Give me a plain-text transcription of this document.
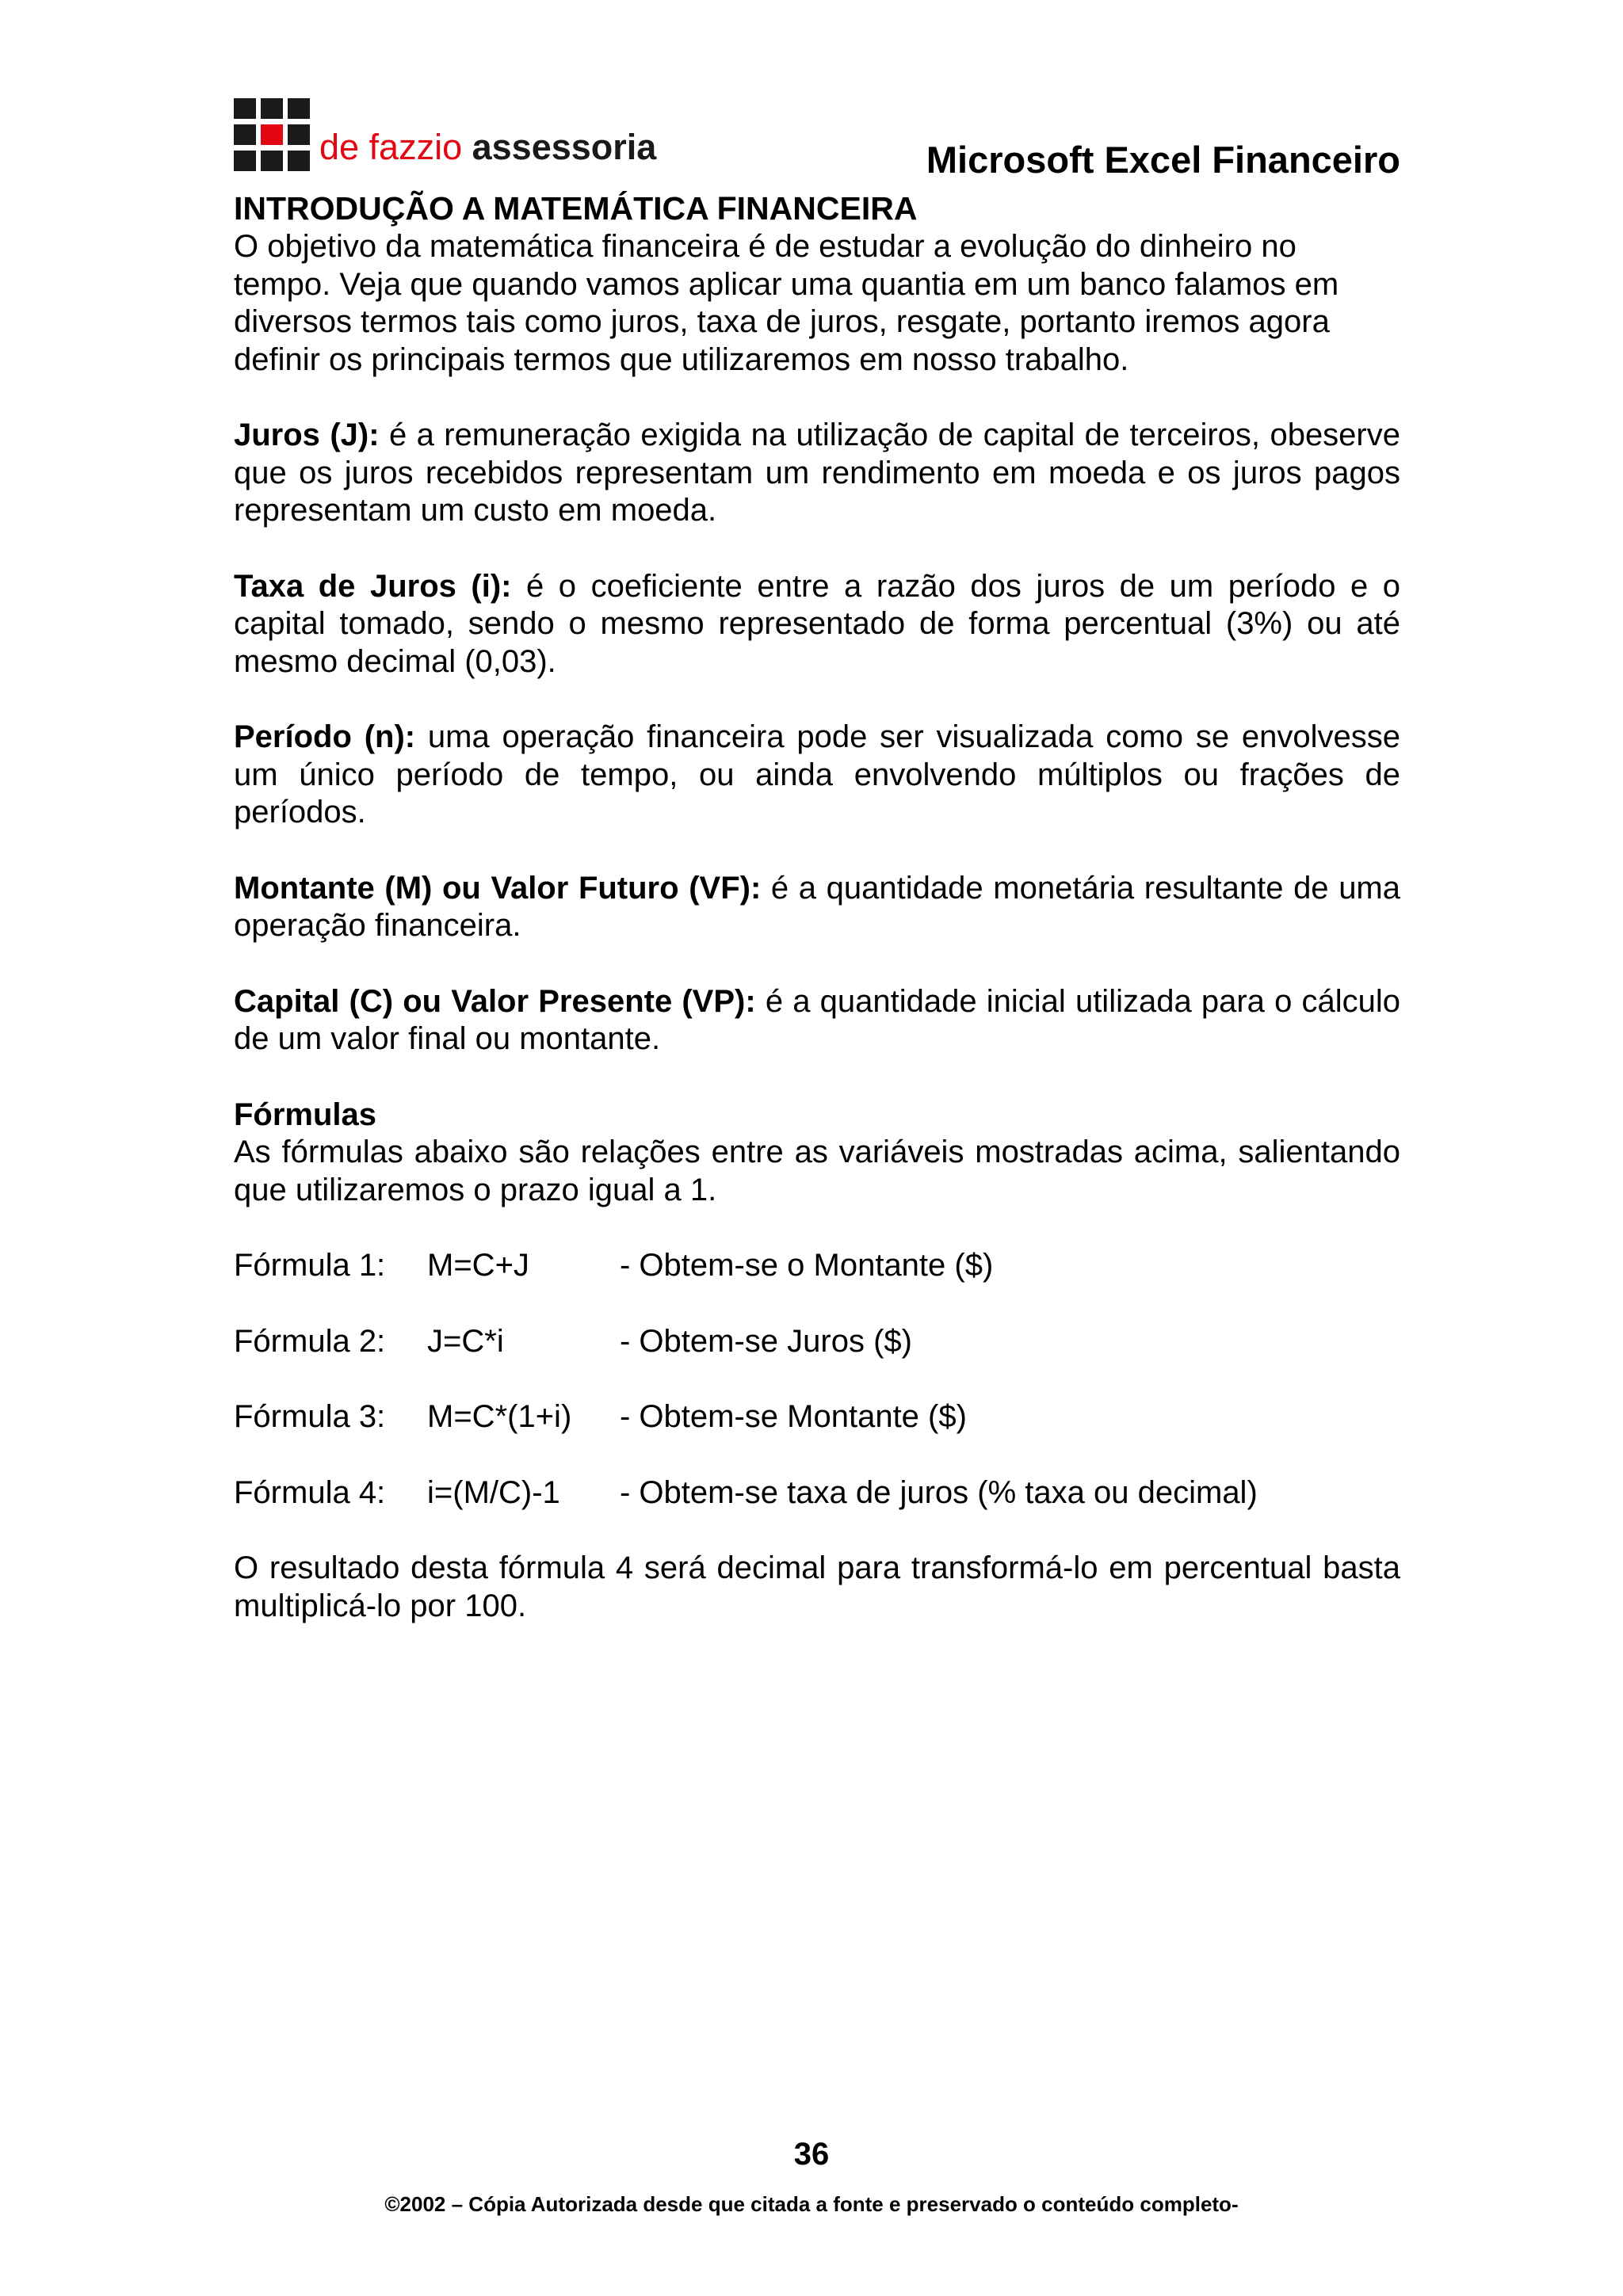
de fazzio assessoria	Microsoft Excel Financeiro
INTRODUÇÃO A MATEMÁTICA FINANCEIRA

O objetivo da matemática financeira é de estudar a evolução do dinheiro no tempo. Veja que quando vamos aplicar uma quantia em um banco falamos em diversos termos tais como juros, taxa de juros, resgate, portanto iremos agora definir os principais termos que utilizaremos em nosso trabalho.

Juros (J): é a remuneração exigida na utilização de capital de terceiros, obeserve que os juros recebidos representam um rendimento em moeda e os juros pagos representam um custo em moeda.

Taxa de Juros (i): é o coeficiente entre a razão dos juros de um período e o capital tomado, sendo o mesmo representado de forma percentual (3%) ou até mesmo decimal (0,03).

Período (n): uma operação financeira pode ser visualizada como se envolvesse um único período de tempo, ou ainda envolvendo múltiplos ou frações de períodos.

Montante (M) ou Valor Futuro (VF): é a quantidade monetária resultante de uma operação financeira.

Capital (C) ou Valor Presente (VP): é a quantidade inicial utilizada para o cálculo de um valor final ou montante.

Fórmulas

As fórmulas abaixo são relações entre as variáveis mostradas acima, salientando que utilizaremos o prazo igual a 1.

Fórmula 1:	M=C+J	- Obtem-se o Montante ($)
Fórmula 2:	J=C*i	- Obtem-se Juros ($)
Fórmula 3:	M=C*(1+i)	- Obtem-se Montante ($)
Fórmula 4:	i=(M/C)-1	- Obtem-se taxa de juros (% taxa ou decimal)

O resultado desta fórmula 4 será decimal para transformá-lo em percentual basta multiplicá-lo por 100.

36
©2002 – Cópia Autorizada desde que citada a fonte e preservado o conteúdo completo-
